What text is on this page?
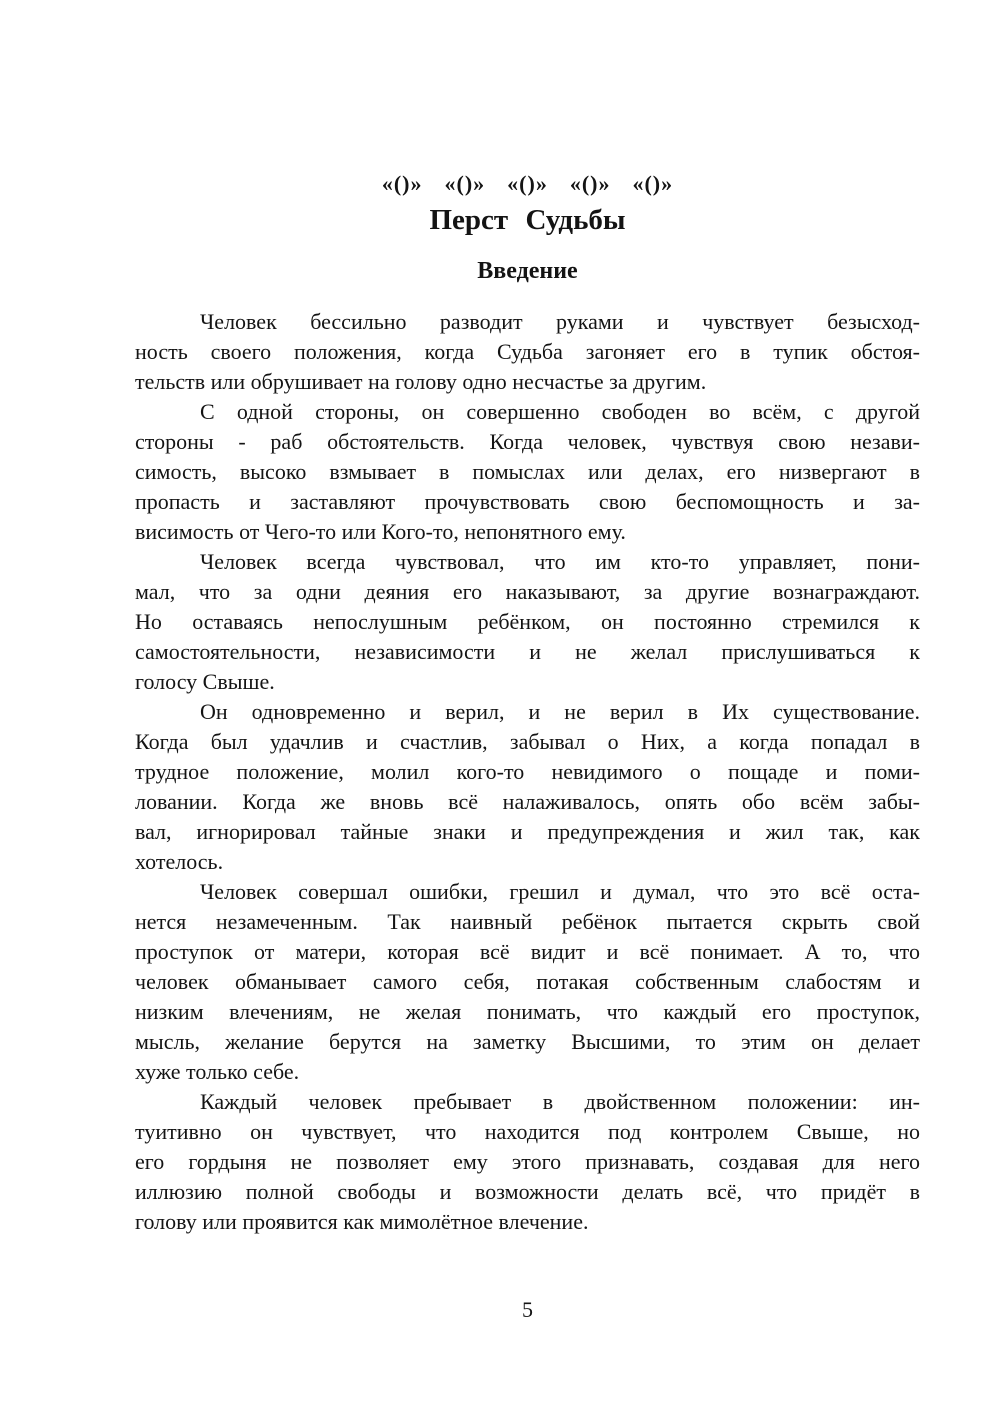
«()» «()» «()» «()» «()»
Перст Судьбы
Введение
Человек бессильно разводит руками и чувствует безысход-
ность своего положения, когда Судьба загоняет его в тупик обстоя-
тельств или обрушивает на голову одно несчастье за другим.
С одной стороны, он совершенно свободен во всём, с другой
стороны - раб обстоятельств. Когда человек, чувствуя свою незави-
симость, высоко взмывает в помыслах или делах, его низвергают в
пропасть и заставляют прочувствовать свою беспомощность и за-
висимость от Чего-то или Кого-то, непонятного ему.
Человек всегда чувствовал, что им кто-то управляет, пони-
мал, что за одни деяния его наказывают, за другие вознаграждают.
Но оставаясь непослушным ребёнком, он постоянно стремился к
самостоятельности, независимости и не желал прислушиваться к
голосу Свыше.
Он одновременно и верил, и не верил в Их существование.
Когда был удачлив и счастлив, забывал о Них, а когда попадал в
трудное положение, молил кого-то невидимого о пощаде и поми-
ловании. Когда же вновь всё налаживалось, опять обо всём забы-
вал, игнорировал тайные знаки и предупреждения и жил так, как
хотелось.
Человек совершал ошибки, грешил и думал, что это всё оста-
нется незамеченным. Так наивный ребёнок пытается скрыть свой
проступок от матери, которая всё видит и всё понимает. А то, что
человек обманывает самого себя, потакая собственным слабостям и
низким влечениям, не желая понимать, что каждый его проступок,
мысль, желание берутся на заметку Высшими, то этим он делает
хуже только себе.
Каждый человек пребывает в двойственном положении: ин-
туитивно он чувствует, что находится под контролем Свыше, но
его гордыня не позволяет ему этого признавать, создавая для него
иллюзию полной свободы и возможности делать всё, что придёт в
голову или проявится как мимолётное влечение.
5
